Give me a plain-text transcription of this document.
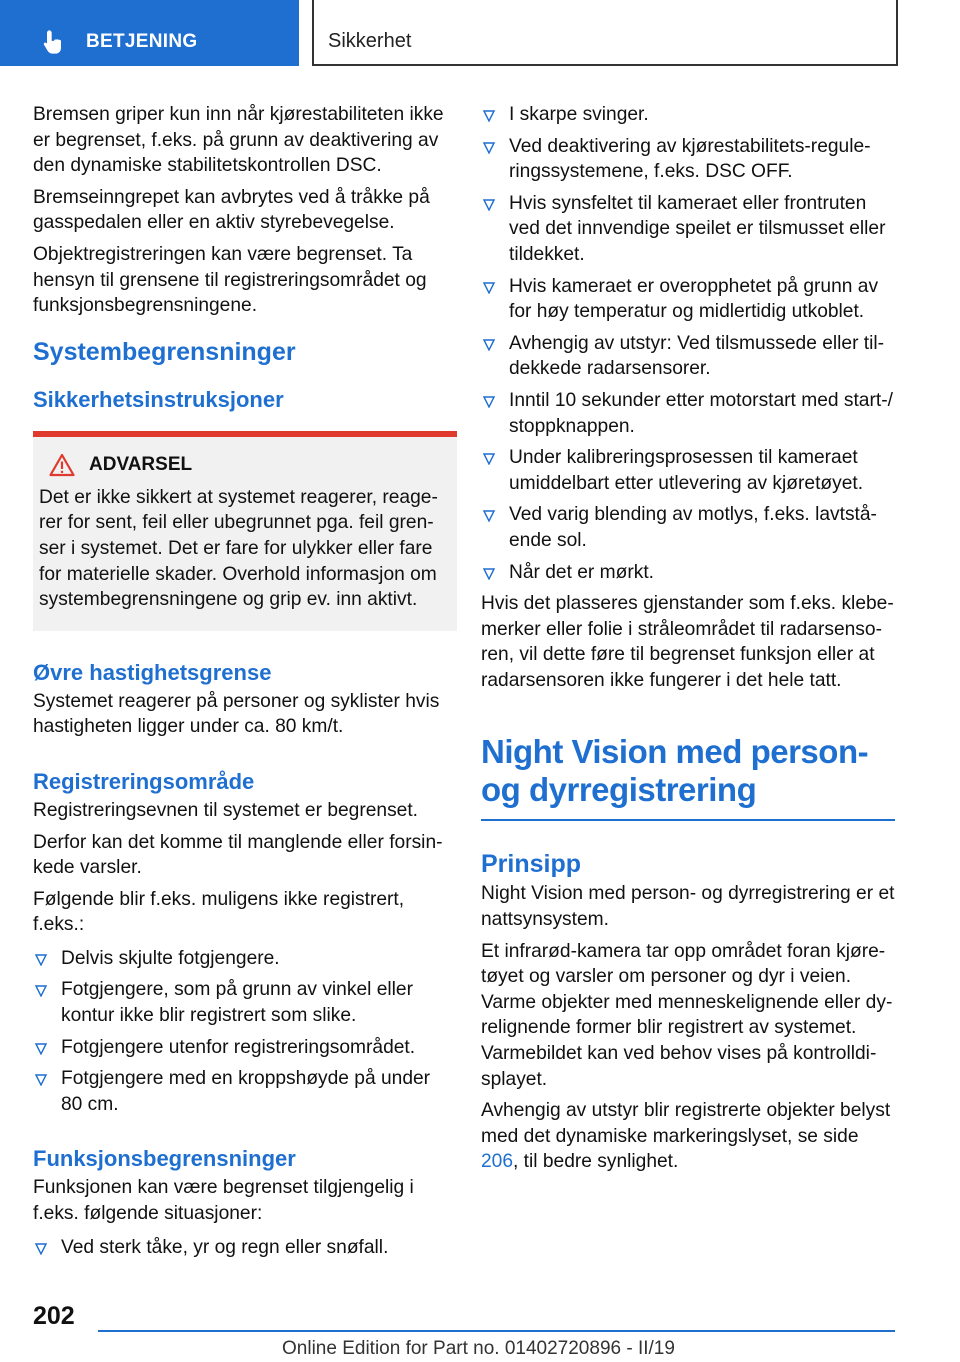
BETJENING	Sikkerhet

Bremsen griper kun inn når kjørestabiliteten ikke er begrenset, f.eks. på grunn av deaktivering av den dynamiske stabilitetskontrollen DSC.

Bremseinngrepet kan avbrytes ved å tråkke på gasspedalen eller en aktiv styrebevegelse.

Objektregistreringen kan være begrenset. Ta hensyn til grensene til registreringsområdet og funksjonsbegrensningene.

Systembegrensninger
Sikkerhetsinstruksjoner
ADVARSEL

Det er ikke sikkert at systemet reagerer, reagerer for sent, feil eller ubegrunnet pga. feil grenser i systemet. Det er fare for ulykker eller fare for materielle skader. Overhold informasjon om systembegrensningene og grip ev. inn aktivt.

Øvre hastighetsgrense

Systemet reagerer på personer og syklister hvis hastigheten ligger under ca. 80 km/t.

Registreringsområde

Registreringsevnen til systemet er begrenset.

Derfor kan det komme til manglende eller forsinkede varsler.

Følgende blir f.eks. muligens ikke registrert, f.eks.:

Delvis skjulte fotgjengere.
Fotgjengere, som på grunn av vinkel eller kontur ikke blir registrert som slike.
Fotgjengere utenfor registreringsområdet.
Fotgjengere med en kroppshøyde på under 80 cm.
Funksjonsbegrensninger

Funksjonen kan være begrenset tilgjengelig i f.eks. følgende situasjoner:

Ved sterk tåke, yr og regn eller snøfall.
I skarpe svinger.
Ved deaktivering av kjørestabilitets-reguleringssystemene, f.eks. DSC OFF.
Hvis synsfeltet til kameraet eller frontruten ved det innvendige speilet er tilsmusset eller tildekket.
Hvis kameraet er overopphetet på grunn av for høy temperatur og midlertidig utkoblet.
Avhengig av utstyr: Ved tilsmussede eller tildekkede radarsensorer.
Inntil 10 sekunder etter motorstart med start-/ stoppknappen.
Under kalibreringsprosessen til kameraet umiddelbart etter utlevering av kjøretøyet.
Ved varig blending av motlys, f.eks. lavtstående sol.
Når det er mørkt.

Hvis det plasseres gjenstander som f.eks. klebemerker eller folie i stråleområdet til radarsensoren, vil dette føre til begrenset funksjon eller at radarsensoren ikke fungerer i det hele tatt.

Night Vision med person- og dyrregistrering
Prinsipp

Night Vision med person- og dyrregistrering er et nattsynsystem.

Et infrarød-kamera tar opp området foran kjøretøyet og varsler om personer og dyr i veien. Varme objekter med menneskelignende eller dyrelignende former blir registrert av systemet. Varmebildet kan ved behov vises på kontrolldisplayet.

Avhengig av utstyr blir registrerte objekter belyst med det dynamiske markeringslyset, se side 206, til bedre synlighet.

202
Online Edition for Part no. 01402720896 - II/19
